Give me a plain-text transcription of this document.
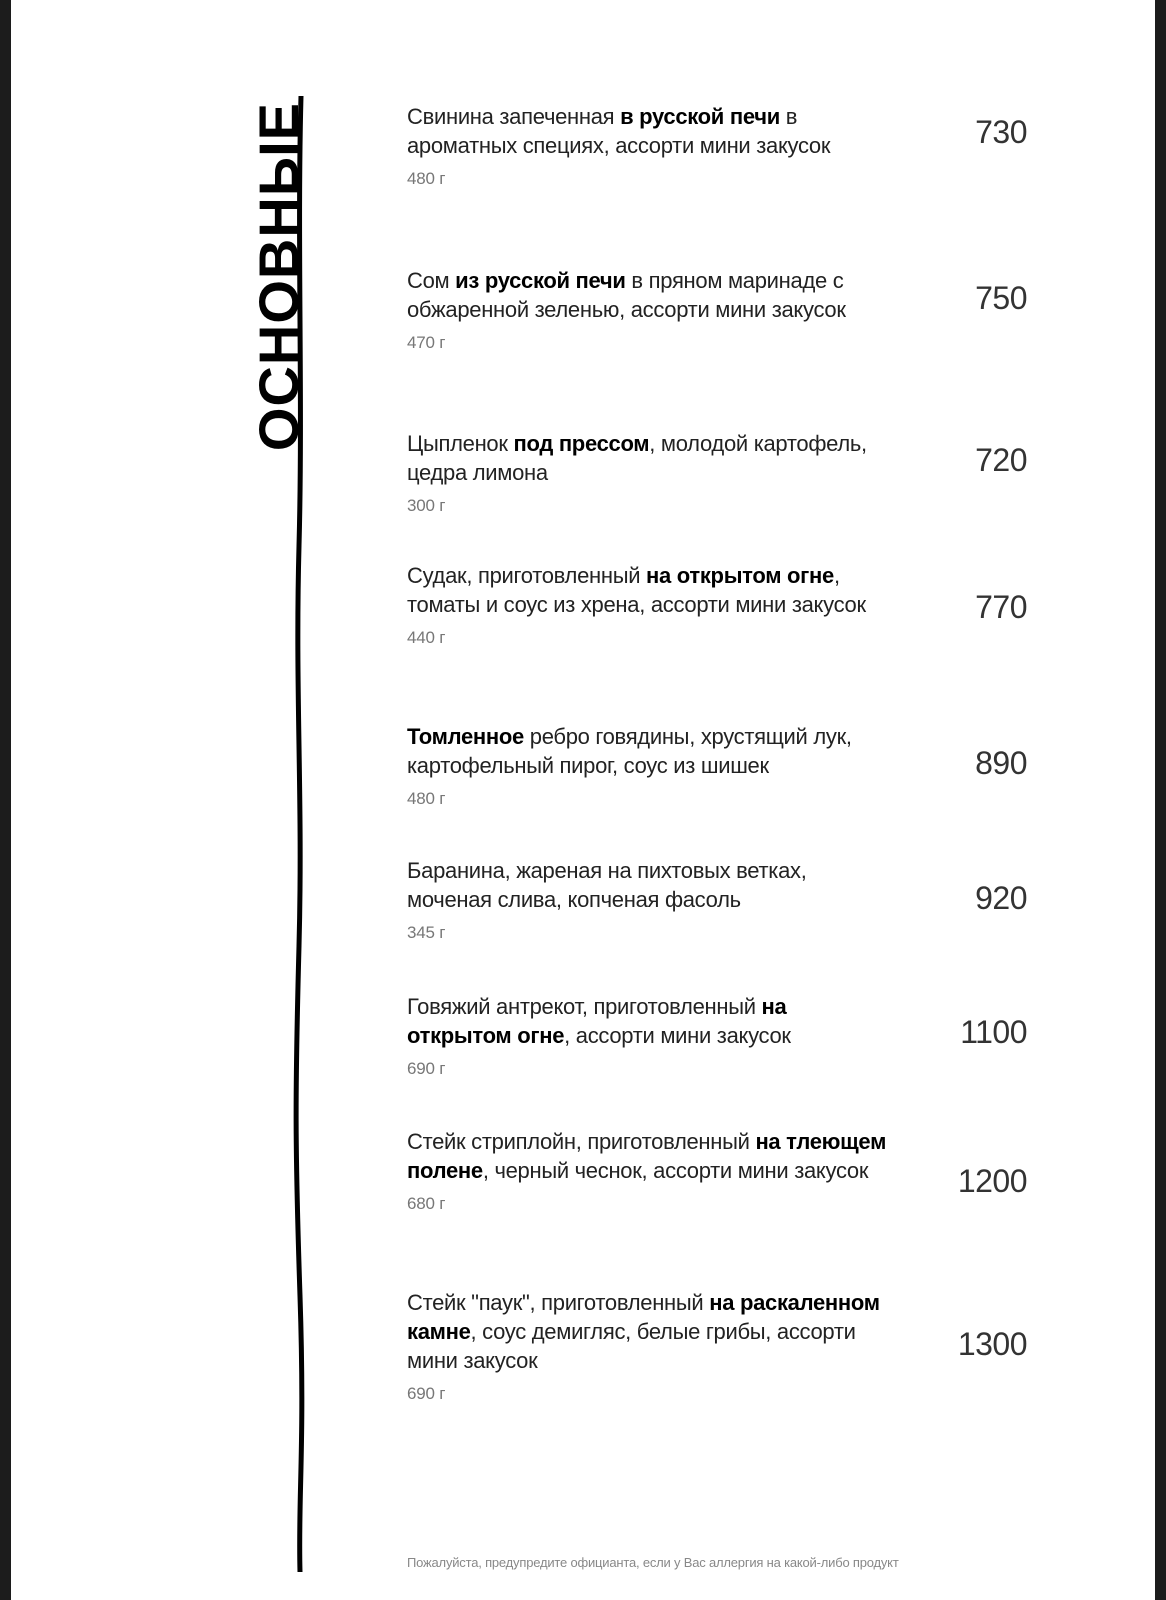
ОСНОВНЫЕ	Свинина запеченная в русской печи в ароматных специях, ассорти мини закусок
480 г
730
Сом из русской печи в пряном маринаде с обжаренной зеленью, ассорти мини закусок
470 г
750
Цыпленок под прессом, молодой картофель, цедра лимона
300 г
720
Судак, приготовленный на открытом огне, томаты и соус из хрена, ассорти мини закусок
440 г
770
Томленное ребро говядины, хрустящий лук, картофельный пирог, соус из шишек
480 г
890
Баранина, жареная на пихтовых ветках, моченая слива, копченая фасоль
345 г
920
Говяжий антрекот, приготовленный на открытом огне, ассорти мини закусок
690 г
1100
Стейк стриплойн, приготовленный на тлеющем полене, черный чеснок, ассорти мини закусок
680 г
1200
Стейк "паук", приготовленный на раскаленном камне, соус демигляс, белые грибы, ассорти мини закусок
690 г
1300
Пожалуйста, предупредите официанта, если у Вас аллергия на какой-либо продукт
